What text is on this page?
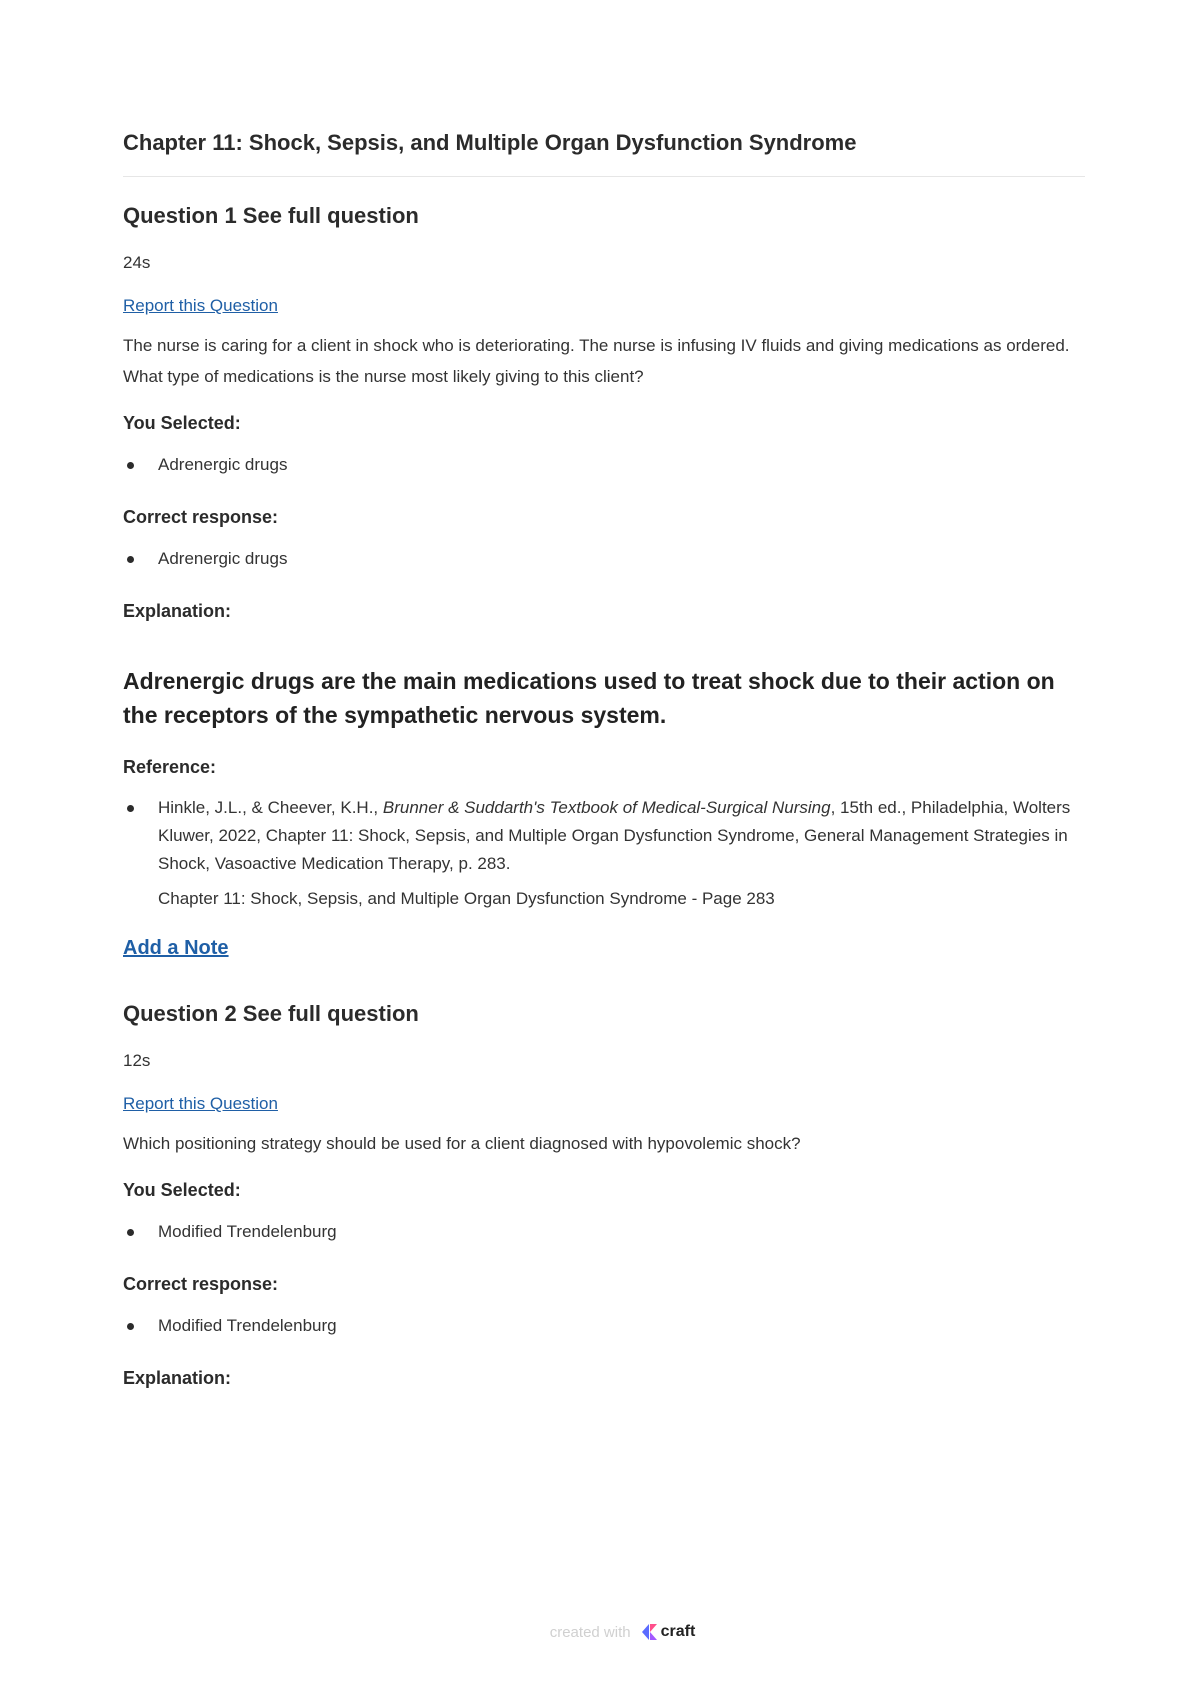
Chapter 11: Shock, Sepsis, and Multiple Organ Dysfunction Syndrome
Question 1 See full question
24s
Report this Question
The nurse is caring for a client in shock who is deteriorating. The nurse is infusing IV fluids and giving medications as ordered. What type of medications is the nurse most likely giving to this client?
You Selected:
Adrenergic drugs
Correct response:
Adrenergic drugs
Explanation:
Adrenergic drugs are the main medications used to treat shock due to their action on the receptors of the sympathetic nervous system.
Reference:
Hinkle, J.L., & Cheever, K.H., Brunner & Suddarth's Textbook of Medical-Surgical Nursing, 15th ed., Philadelphia, Wolters Kluwer, 2022, Chapter 11: Shock, Sepsis, and Multiple Organ Dysfunction Syndrome, General Management Strategies in Shock, Vasoactive Medication Therapy, p. 283.
Chapter 11: Shock, Sepsis, and Multiple Organ Dysfunction Syndrome - Page 283
Add a Note
Question 2 See full question
12s
Report this Question
Which positioning strategy should be used for a client diagnosed with hypovolemic shock?
You Selected:
Modified Trendelenburg
Correct response:
Modified Trendelenburg
Explanation:
created with craft
